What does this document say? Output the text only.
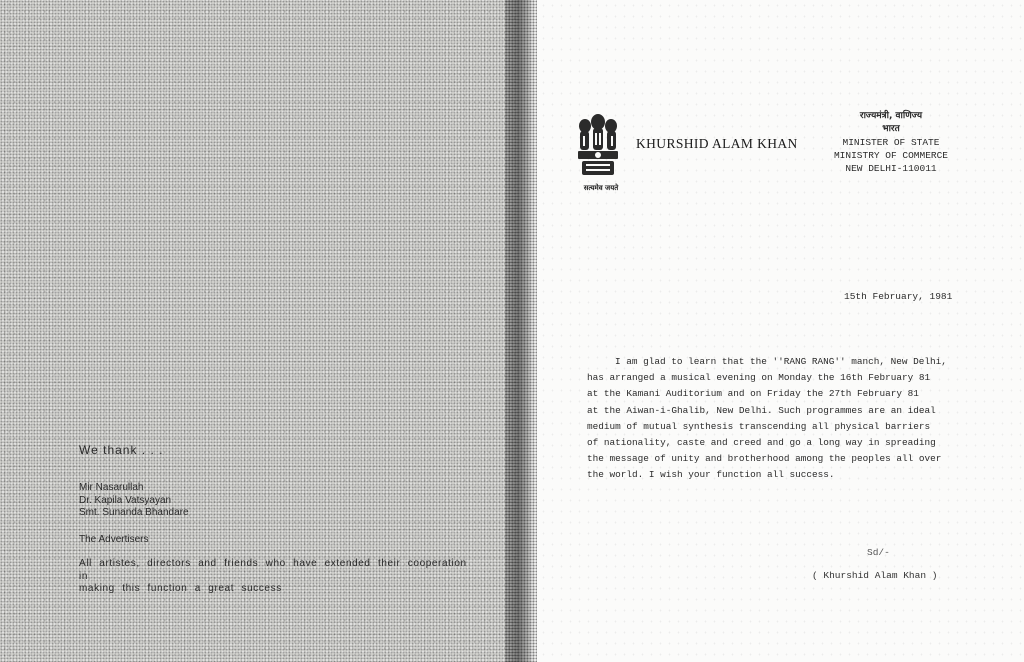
We thank . . .
Mir Nasarullah
Dr. Kapila Vatsyayan
Smt. Sunanda Bhandare
The Advertisers
All artistes, directors and friends who have extended their cooperation in
making this function a great success
सत्यमेव जयते
KHURSHID ALAM KHAN
राज्यमंत्री, वाणिज्य
भारत
MINISTER OF STATE
MINISTRY OF COMMERCE
NEW DELHI-110011
15th February, 1981
I am glad to learn that the ''RANG RANG'' manch, New Delhi,
has arranged a musical evening on Monday the 16th February 81
at the Kamani Auditorium and on Friday the 27th February 81
at the Aiwan-i-Ghalib, New Delhi. Such programmes are an ideal
medium of mutual synthesis transcending all physical barriers
of nationality, caste and creed and go a long way in spreading
the message of unity and brotherhood among the peoples all over
the world. I wish your function all success.
Sd/-
( Khurshid Alam Khan )
